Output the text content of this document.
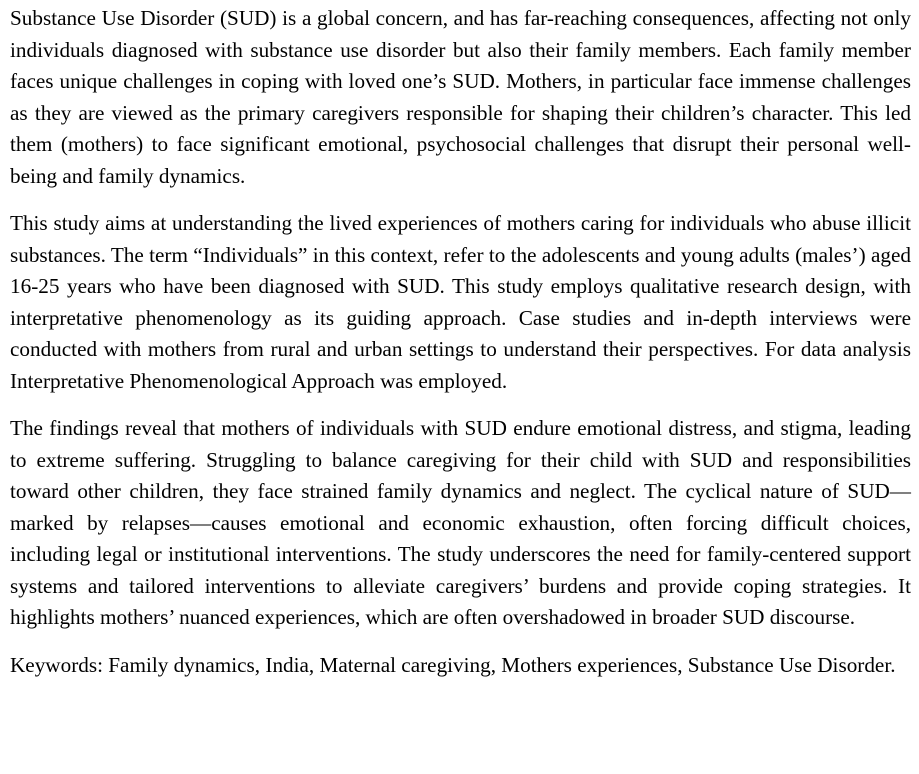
Substance Use Disorder (SUD) is a global concern, and has far-reaching consequences, affecting not only individuals diagnosed with substance use disorder but also their family members. Each family member faces unique challenges in coping with loved one’s SUD. Mothers, in particular face immense challenges as they are viewed as the primary caregivers responsible for shaping their children’s character. This led them (mothers) to face significant emotional, psychosocial challenges that disrupt their personal well-being and family dynamics.

This study aims at understanding the lived experiences of mothers caring for individuals who abuse illicit substances. The term “Individuals” in this context, refer to the adolescents and young adults (males’) aged 16-25 years who have been diagnosed with SUD. This study employs qualitative research design, with interpretative phenomenology as its guiding approach. Case studies and in-depth interviews were conducted with mothers from rural and urban settings to understand their perspectives. For data analysis Interpretative Phenomenological Approach was employed.

The findings reveal that mothers of individuals with SUD endure emotional distress, and stigma, leading to extreme suffering. Struggling to balance caregiving for their child with SUD and responsibilities toward other children, they face strained family dynamics and neglect. The cyclical nature of SUD—marked by relapses—causes emotional and economic exhaustion, often forcing difficult choices, including legal or institutional interventions. The study underscores the need for family-centered support systems and tailored interventions to alleviate caregivers’ burdens and provide coping strategies. It highlights mothers’ nuanced experiences, which are often overshadowed in broader SUD discourse.

Keywords: Family dynamics, India, Maternal caregiving, Mothers experiences, Substance Use Disorder.
